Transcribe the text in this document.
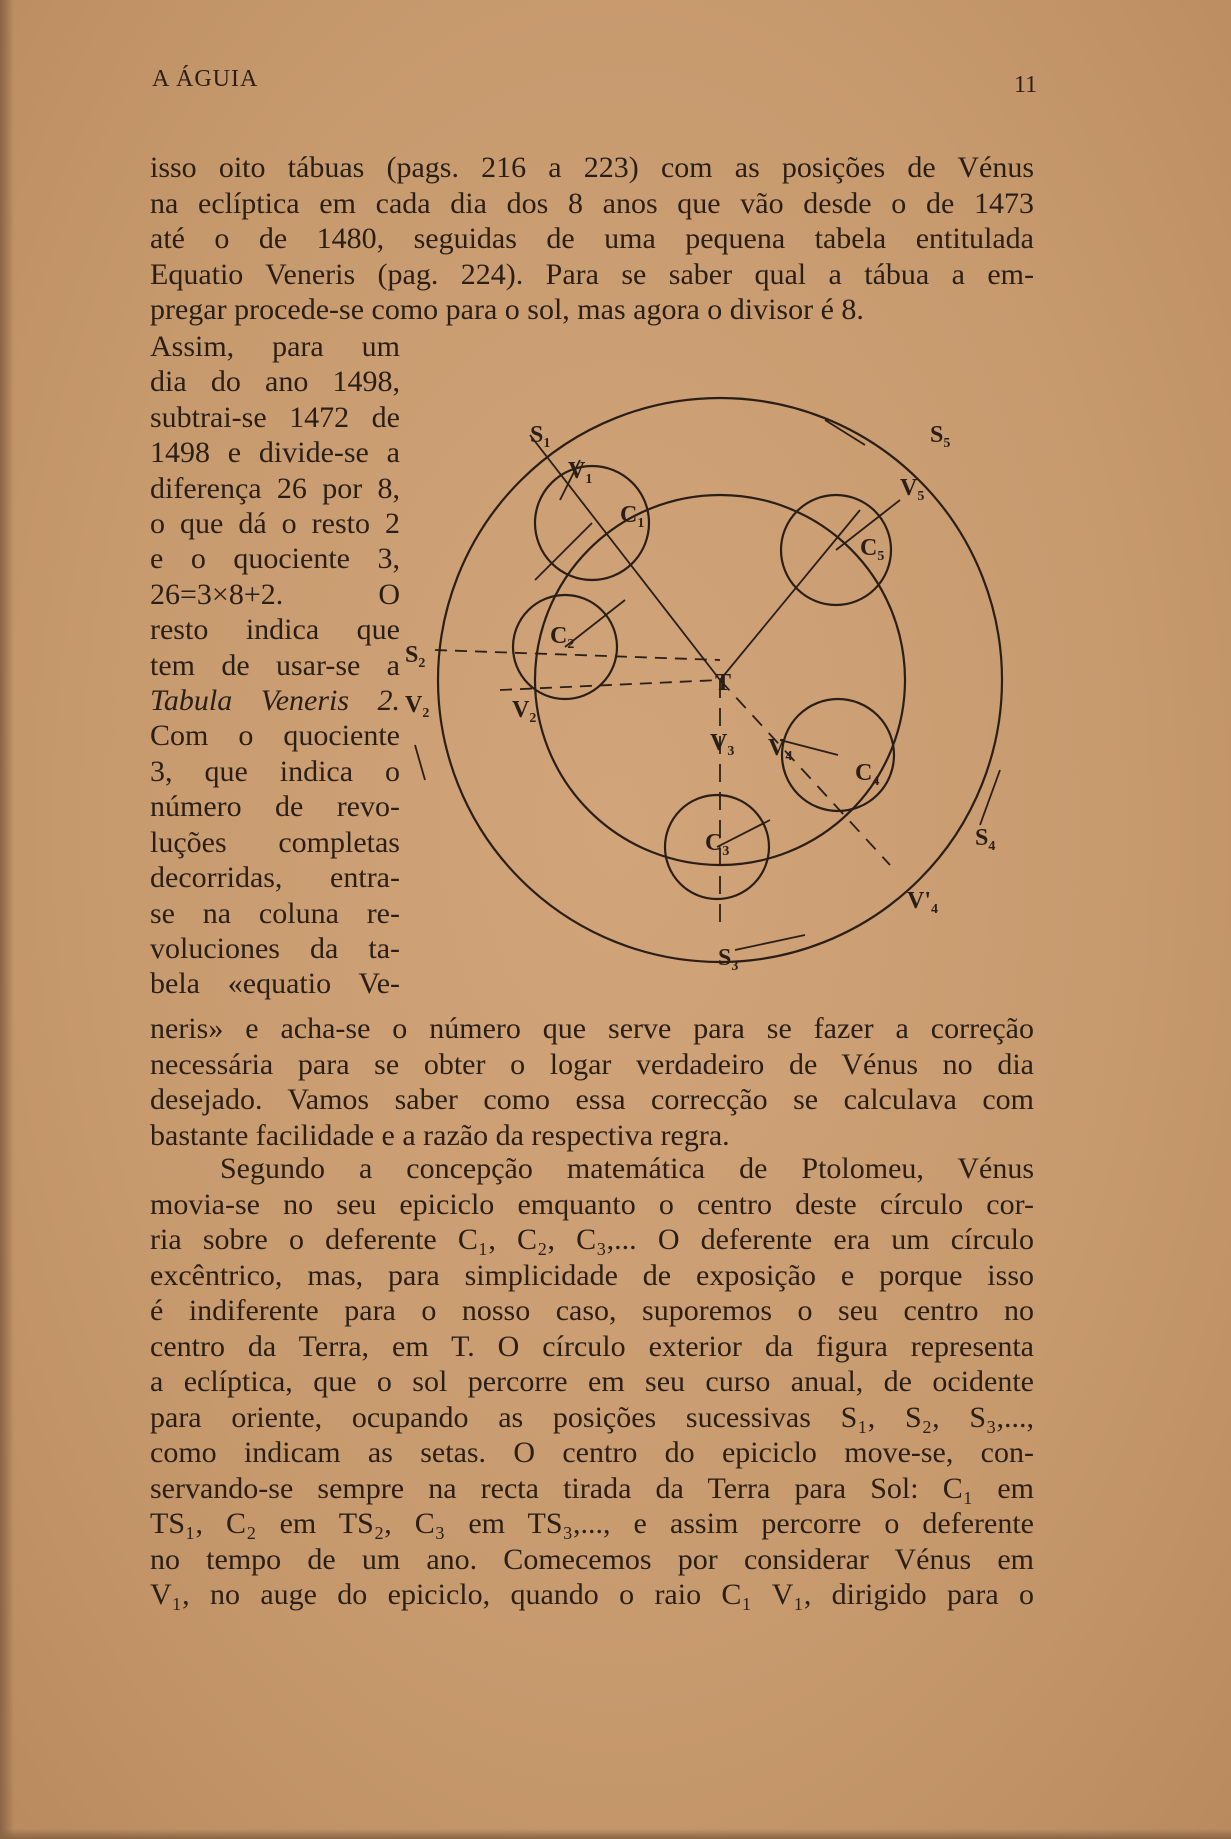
A ÁGUIA	11

isso oito tábuas (pags. 216 a 223) com as posições de Vénus
na eclíptica em cada dia dos 8 anos que vão desde o de 1473
até o de 1480, seguidas de uma pequena tabela entitulada
Equatio Veneris (pag. 224). Para se saber qual a tábua a em-
pregar procede-se como para o sol, mas agora o divisor é 8.

Assim, para um
dia do ano 1498,
subtrai-se 1472 de
1498 e divide-se a
diferença 26 por 8,
o que dá o resto 2
e o quociente 3,
26=3×8+2. O
resto indica que
tem de usar-se a
Tabula Veneris 2.
Com o quociente
3, que indica o
número de revo-
luções completas
decorridas, entra-
se na coluna re-
voluciones da ta-
bela «equatio Ve-

$S_1$
$V_1$
$C_1$
$C_2$
$S_2$
$V_2$	$V_2$
T
$V_3$ $V_4$
$C_4$
$C_3$
$S_3$
$S_4$
$V'_4$
$S_5$
$V_5$
$C_5$

neris» e acha-se o número que serve para se fazer a correção
necessária para se obter o logar verdadeiro de Vénus no dia
desejado. Vamos saber como essa correcção se calculava com
bastante facilidade e a razão da respectiva regra.

Segundo a concepção matemática de Ptolomeu, Vénus
movia-se no seu epiciclo emquanto o centro deste círculo cor-
ria sobre o deferente C₁, C₂, C₃,... O deferente era um círculo
excêntrico, mas, para simplicidade de exposição e porque isso
é indiferente para o nosso caso, suporemos o seu centro no
centro da Terra, em T. O círculo exterior da figura representa
a eclíptica, que o sol percorre em seu curso anual, de ocidente
para oriente, ocupando as posições sucessivas S₁, S₂, S₃,...,
como indicam as setas. O centro do epiciclo move-se, con-
servando-se sempre na recta tirada da Terra para Sol: C₁ em
TS₁, C₂ em TS₂, C₃ em TS₃,..., e assim percorre o deferente
no tempo de um ano. Comecemos por considerar Vénus em
V₁, no auge do epiciclo, quando o raio C₁ V₁, dirigido para o
